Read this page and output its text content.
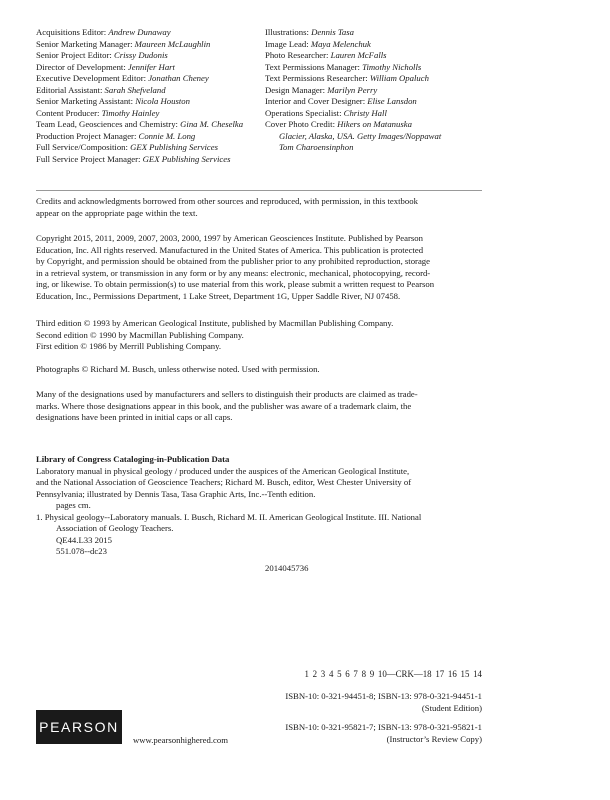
Acquisitions Editor: Andrew Dunaway
Senior Marketing Manager: Maureen McLaughlin
Senior Project Editor: Crissy Dudonis
Director of Development: Jennifer Hart
Executive Development Editor: Jonathan Cheney
Editorial Assistant: Sarah Shefveland
Senior Marketing Assistant: Nicola Houston
Content Producer: Timothy Hainley
Team Lead, Geosciences and Chemistry: Gina M. Cheselka
Production Project Manager: Connie M. Long
Full Service/Composition: GEX Publishing Services
Full Service Project Manager: GEX Publishing Services
Illustrations: Dennis Tasa
Image Lead: Maya Melenchuk
Photo Researcher: Lauren McFalls
Text Permissions Manager: Timothy Nicholls
Text Permissions Researcher: William Opaluch
Design Manager: Marilyn Perry
Interior and Cover Designer: Elise Lansdon
Operations Specialist: Christy Hall
Cover Photo Credit: Hikers on Matanuska
Glacier, Alaska, USA. Getty Images/Noppawat
Tom Charoensinphon

Credits and acknowledgments borrowed from other sources and reproduced, with permission, in this textbook

appear on the appropriate page within the text.

Copyright 2015, 2011, 2009, 2007, 2003, 2000, 1997 by American Geosciences Institute. Published by Pearson

Education, Inc. All rights reserved. Manufactured in the United States of America. This publication is protected

by Copyright, and permission should be obtained from the publisher prior to any prohibited reproduction, storage

in a retrieval system, or transmission in any form or by any means: electronic, mechanical, photocopying, record-

ing, or likewise. To obtain permission(s) to use material from this work, please submit a written request to Pearson

Education, Inc., Permissions Department, 1 Lake Street, Department 1G, Upper Saddle River, NJ 07458.

Third edition © 1993 by American Geological Institute, published by Macmillan Publishing Company.

Second edition © 1990 by Macmillan Publishing Company.

First edition © 1986 by Merrill Publishing Company.

Photographs © Richard M. Busch, unless otherwise noted. Used with permission.

Many of the designations used by manufacturers and sellers to distinguish their products are claimed as trade-

marks. Where those designations appear in this book, and the publisher was aware of a trademark claim, the

designations have been printed in initial caps or all caps.

Library of Congress Cataloging-in-Publication Data

Laboratory manual in physical geology / produced under the auspices of the American Geological Institute,

and the National Association of Geoscience Teachers; Richard M. Busch, editor, West Chester University of

Pennsylvania; illustrated by Dennis Tasa, Tasa Graphic Arts, Inc.--Tenth edition.

pages cm.

1. Physical geology--Laboratory manuals. I. Busch, Richard M. II. American Geological Institute. III. National

Association of Geology Teachers.

QE44.L33 2015

551.078--dc23

2014045736
1 2 3 4 5 6 7 8 9 10—CRK—18 17 16 15 14
ISBN-10: 0-321-94451-8; ISBN-13: 978-0-321-94451-1
(Student Edition)
ISBN-10: 0-321-95821-7; ISBN-13: 978-0-321-95821-1
(Instructor’s Review Copy)
PEARSON
www.pearsonhighered.com
